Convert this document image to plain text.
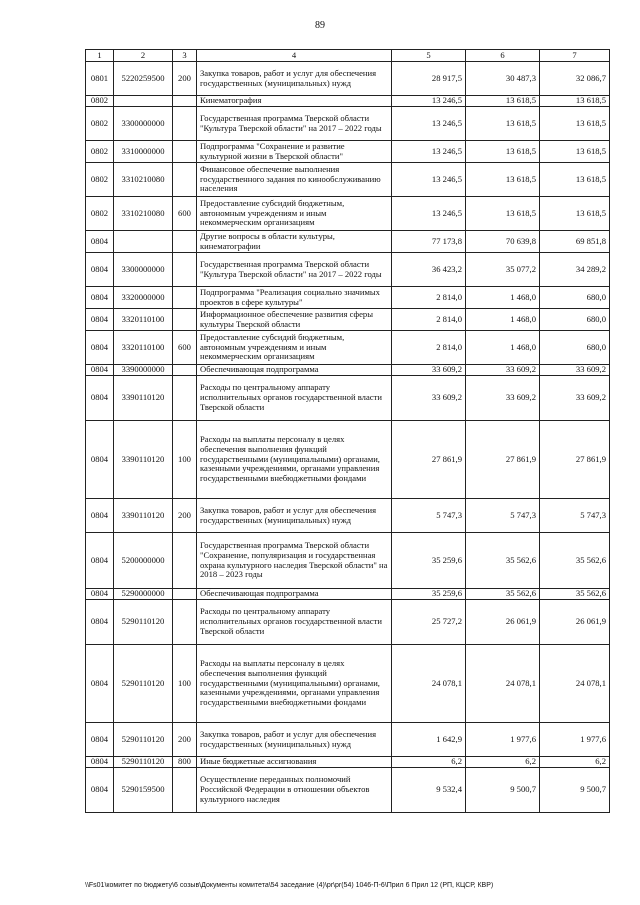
89
1	2	3	4	5	6	7
0801	5220259500	200	Закупка товаров, работ и услуг для обеспечения государственных (муниципальных) нужд	28 917,5	30 487,3	32 086,7
0802			Кинематография	13 246,5	13 618,5	13 618,5
0802	3300000000		Государственная программа Тверской области "Культура Тверской области" на 2017 – 2022 годы	13 246,5	13 618,5	13 618,5
0802	3310000000		Подпрограмма "Сохранение и развитие культурной жизни в Тверской области"	13 246,5	13 618,5	13 618,5
0802	3310210080		Финансовое обеспечение выполнения государственного задания по кинообслуживанию населения	13 246,5	13 618,5	13 618,5
0802	3310210080	600	Предоставление субсидий бюджетным, автономным учреждениям и иным некоммерческим организациям	13 246,5	13 618,5	13 618,5
0804			Другие вопросы в области культуры, кинематографии	77 173,8	70 639,8	69 851,8
0804	3300000000		Государственная программа Тверской области "Культура Тверской области" на 2017 – 2022 годы	36 423,2	35 077,2	34 289,2
0804	3320000000		Подпрограмма "Реализация социально значимых проектов в сфере культуры"	2 814,0	1 468,0	680,0
0804	3320110100		Информационное обеспечение развития сферы культуры Тверской области	2 814,0	1 468,0	680,0
0804	3320110100	600	Предоставление субсидий бюджетным, автономным учреждениям и иным некоммерческим организациям	2 814,0	1 468,0	680,0
0804	3390000000		Обеспечивающая подпрограмма	33 609,2	33 609,2	33 609,2
0804	3390110120		Расходы по центральному аппарату исполнительных органов государственной власти Тверской области	33 609,2	33 609,2	33 609,2
0804	3390110120	100	Расходы на выплаты персоналу в целях обеспечения выполнения функций государственными (муниципальными) органами, казенными учреждениями, органами управления государственными внебюджетными фондами	27 861,9	27 861,9	27 861,9
0804	3390110120	200	Закупка товаров, работ и услуг для обеспечения государственных (муниципальных) нужд	5 747,3	5 747,3	5 747,3
0804	5200000000		Государственная программа Тверской области "Сохранение, популяризация и государственная охрана культурного наследия Тверской области" на 2018 – 2023 годы	35 259,6	35 562,6	35 562,6
0804	5290000000		Обеспечивающая подпрограмма	35 259,6	35 562,6	35 562,6
0804	5290110120		Расходы по центральному аппарату исполнительных органов государственной власти Тверской области	25 727,2	26 061,9	26 061,9
0804	5290110120	100	Расходы на выплаты персоналу в целях обеспечения выполнения функций государственными (муниципальными) органами, казенными учреждениями, органами управления государственными внебюджетными фондами	24 078,1	24 078,1	24 078,1
0804	5290110120	200	Закупка товаров, работ и услуг для обеспечения государственных (муниципальных) нужд	1 642,9	1 977,6	1 977,6
0804	5290110120	800	Иные бюджетные ассигнования	6,2	6,2	6,2
0804	5290159500		Осуществление переданных полномочий Российской Федерации в отношении объектов культурного наследия	9 532,4	9 500,7	9 500,7
\\Fs01\комитет по бюджету\6 созыв\Документы комитета\54 заседание (4)\pr\pr(54) 1046-П-6\Прил 6 Прил 12 (РП, КЦСР, КВР)
